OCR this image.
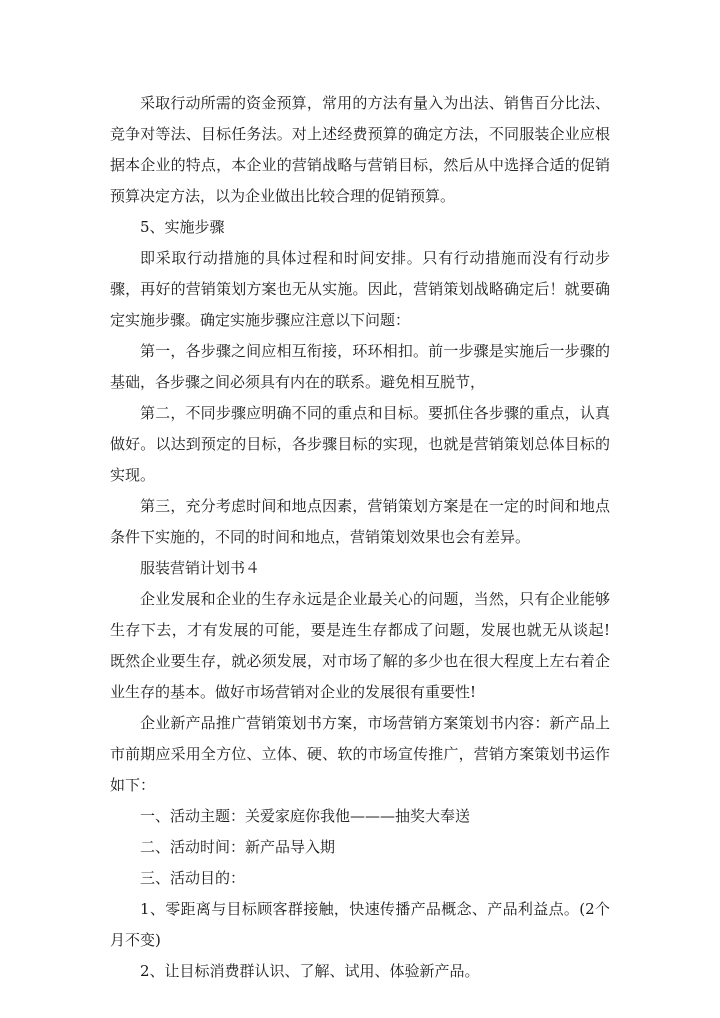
采取行动所需的资金预算，常用的方法有量入为出法、销售百分比法、竞争对等法、目标任务法。对上述经费预算的确定方法，不同服装企业应根据本企业的特点，本企业的营销战略与营销目标，然后从中选择合适的促销预算决定方法，以为企业做出比较合理的促销预算。

5、实施步骤

即采取行动措施的具体过程和时间安排。只有行动措施而没有行动步骤，再好的营销策划方案也无从实施。因此，营销策划战略确定后！就要确定实施步骤。确定实施步骤应注意以下问题：

第一，各步骤之间应相互衔接，环环相扣。前一步骤是实施后一步骤的基础，各步骤之间必须具有内在的联系。避免相互脱节，

第二，不同步骤应明确不同的重点和目标。要抓住各步骤的重点，认真做好。以达到预定的目标，各步骤目标的实现，也就是营销策划总体目标的实现。

第三，充分考虑时间和地点因素，营销策划方案是在一定的时间和地点条件下实施的，不同的时间和地点，营销策划效果也会有差异。

服装营销计划书４

企业发展和企业的生存永远是企业最关心的问题，当然，只有企业能够生存下去，才有发展的可能，要是连生存都成了问题，发展也就无从谈起!既然企业要生存，就必须发展，对市场了解的多少也在很大程度上左右着企业生存的基本。做好市场营销对企业的发展很有重要性!

企业新产品推广营销策划书方案，市场营销方案策划书内容：新产品上市前期应采用全方位、立体、硬、软的市场宣传推广，营销方案策划书运作如下：

一、活动主题：关爱家庭你我他———抽奖大奉送

二、活动时间：新产品导入期

三、活动目的：

1、零距离与目标顾客群接触，快速传播产品概念、产品利益点。(2个月不变)

2、让目标消费群认识、了解、试用、体验新产品。
